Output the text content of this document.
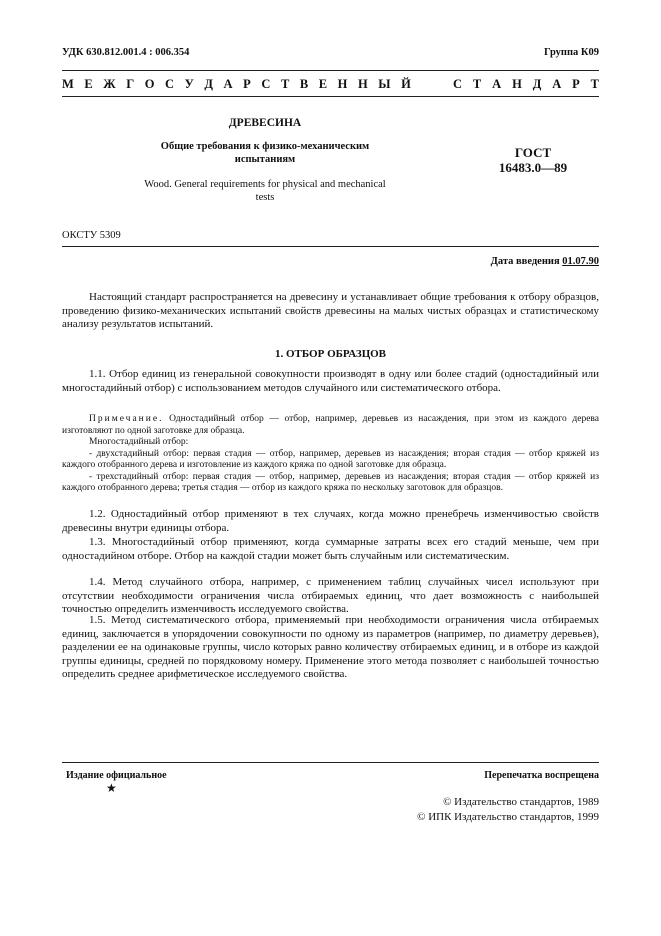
УДК 630.812.001.4 : 006.354	Группа К09
М Е Ж Г О С У Д А Р С Т В Е Н Н Ы Й	С Т А Н Д А Р Т
ДРЕВЕСИНА
Общие требования к физико-механическим испытаниям
Wood. General requirements for physical and mechanical tests
ГОСТ
16483.0—89
ОКСТУ 5309
Дата введения 01.07.90

Настоящий стандарт распространяется на древесину и устанавливает общие требования к отбору образцов, проведению физико-механических испытаний свойств древесины на малых чистых образцах и статистическому анализу результатов испытаний.

1. ОТБОР ОБРАЗЦОВ

1.1. Отбор единиц из генеральной совокупности производят в одну или более стадий (одностадийный или многостадийный отбор) с использованием методов случайного или систематического отбора.

Примечание. Одностадийный отбор — отбор, например, деревьев из насаждения, при этом из каждого дерева изготовляют по одной заготовке для образца.
Многостадийный отбор:
- двухстадийный отбор: первая стадия — отбор, например, деревьев из насаждения; вторая стадия — отбор кряжей из каждого отобранного дерева и изготовление из каждого кряжа по одной заготовке для образца.
- трехстадийный отбор: первая стадия — отбор, например, деревьев из насаждения; вторая стадия — отбор кряжей из каждого отобранного дерева; третья стадия — отбор из каждого кряжа по нескольку заготовок для образцов.

1.2. Одностадийный отбор применяют в тех случаях, когда можно пренебречь изменчивостью свойств древесины внутри единицы отбора.

1.3. Многостадийный отбор применяют, когда суммарные затраты всех его стадий меньше, чем при одностадийном отборе. Отбор на каждой стадии может быть случайным или систематическим.

1.4. Метод случайного отбора, например, с применением таблиц случайных чисел используют при отсутствии необходимости ограничения числа отбираемых единиц, что дает возможность с наибольшей точностью определить изменчивость исследуемого свойства.

1.5. Метод систематического отбора, применяемый при необходимости ограничения числа отбираемых единиц, заключается в упорядочении совокупности по одному из параметров (например, по диаметру деревьев), разделении ее на одинаковые группы, число которых равно количеству отбираемых единиц, и в отборе из каждой группы единицы, средней по порядковому номеру. Применение этого метода позволяет с наибольшей точностью определить среднее арифметическое исследуемого свойства.

Издание официальное
★
Перепечатка воспрещена
© Издательство стандартов, 1989
© ИПК Издательство стандартов, 1999
